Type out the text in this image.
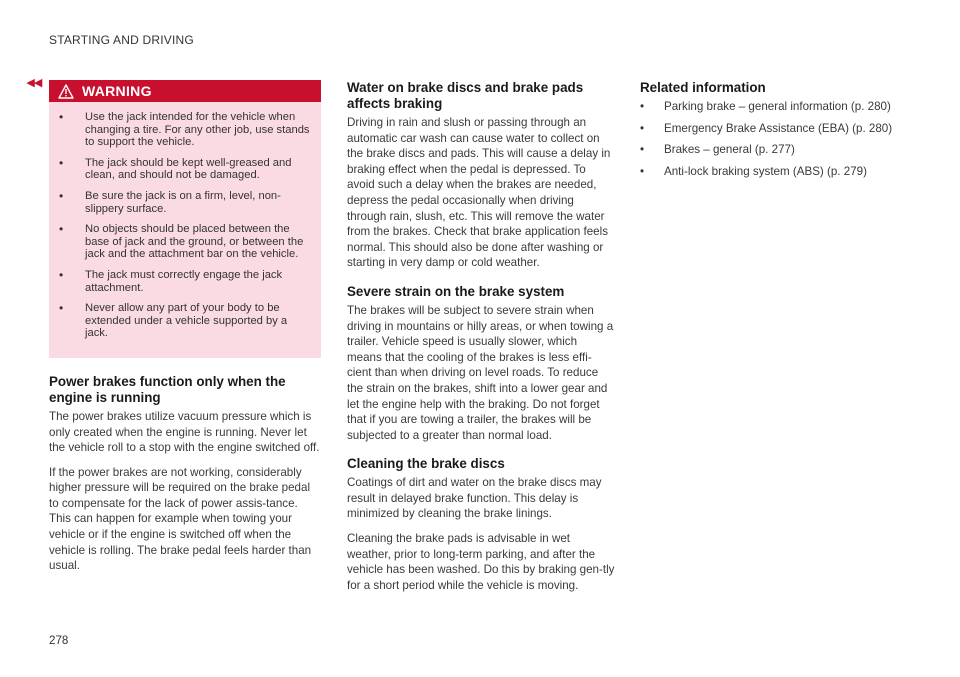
STARTING AND DRIVING
◂◂	WARNING
• Use the jack intended for the vehicle when changing a tire. For any other job, use stands to support the vehicle.
• The jack should be kept well-greased and clean, and should not be damaged.
• Be sure the jack is on a firm, level, non-slippery surface.
• No objects should be placed between the base of jack and the ground, or between the jack and the attachment bar on the vehicle.
• The jack must correctly engage the jack attachment.
• Never allow any part of your body to be extended under a vehicle supported by a jack.
Power brakes function only when the engine is running

The power brakes utilize vacuum pressure which is only created when the engine is running. Never let the vehicle roll to a stop with the engine switched off.

If the power brakes are not working, considerably higher pressure will be required on the brake pedal to compensate for the lack of power assis-tance. This can happen for example when towing your vehicle or if the engine is switched off when the vehicle is rolling. The brake pedal feels harder than usual.

Water on brake discs and brake pads affects braking

Driving in rain and slush or passing through an automatic car wash can cause water to collect on the brake discs and pads. This will cause a delay in braking effect when the pedal is depressed. To avoid such a delay when the brakes are needed, depress the pedal occasionally when driving through rain, slush, etc. This will remove the water from the brakes. Check that brake application feels normal. This should also be done after washing or starting in very damp or cold weather.

Severe strain on the brake system

The brakes will be subject to severe strain when driving in mountains or hilly areas, or when towing a trailer. Vehicle speed is usually slower, which means that the cooling of the brakes is less effi-cient than when driving on level roads. To reduce the strain on the brakes, shift into a lower gear and let the engine help with the braking. Do not forget that if you are towing a trailer, the brakes will be subjected to a greater than normal load.

Cleaning the brake discs

Coatings of dirt and water on the brake discs may result in delayed brake function. This delay is minimized by cleaning the brake linings.

Cleaning the brake pads is advisable in wet weather, prior to long-term parking, and after the vehicle has been washed. Do this by braking gen-tly for a short period while the vehicle is moving.

Related information
• Parking brake – general information (p. 280)
• Emergency Brake Assistance (EBA) (p. 280)
• Brakes – general (p. 277)
• Anti-lock braking system (ABS) (p. 279)
278
